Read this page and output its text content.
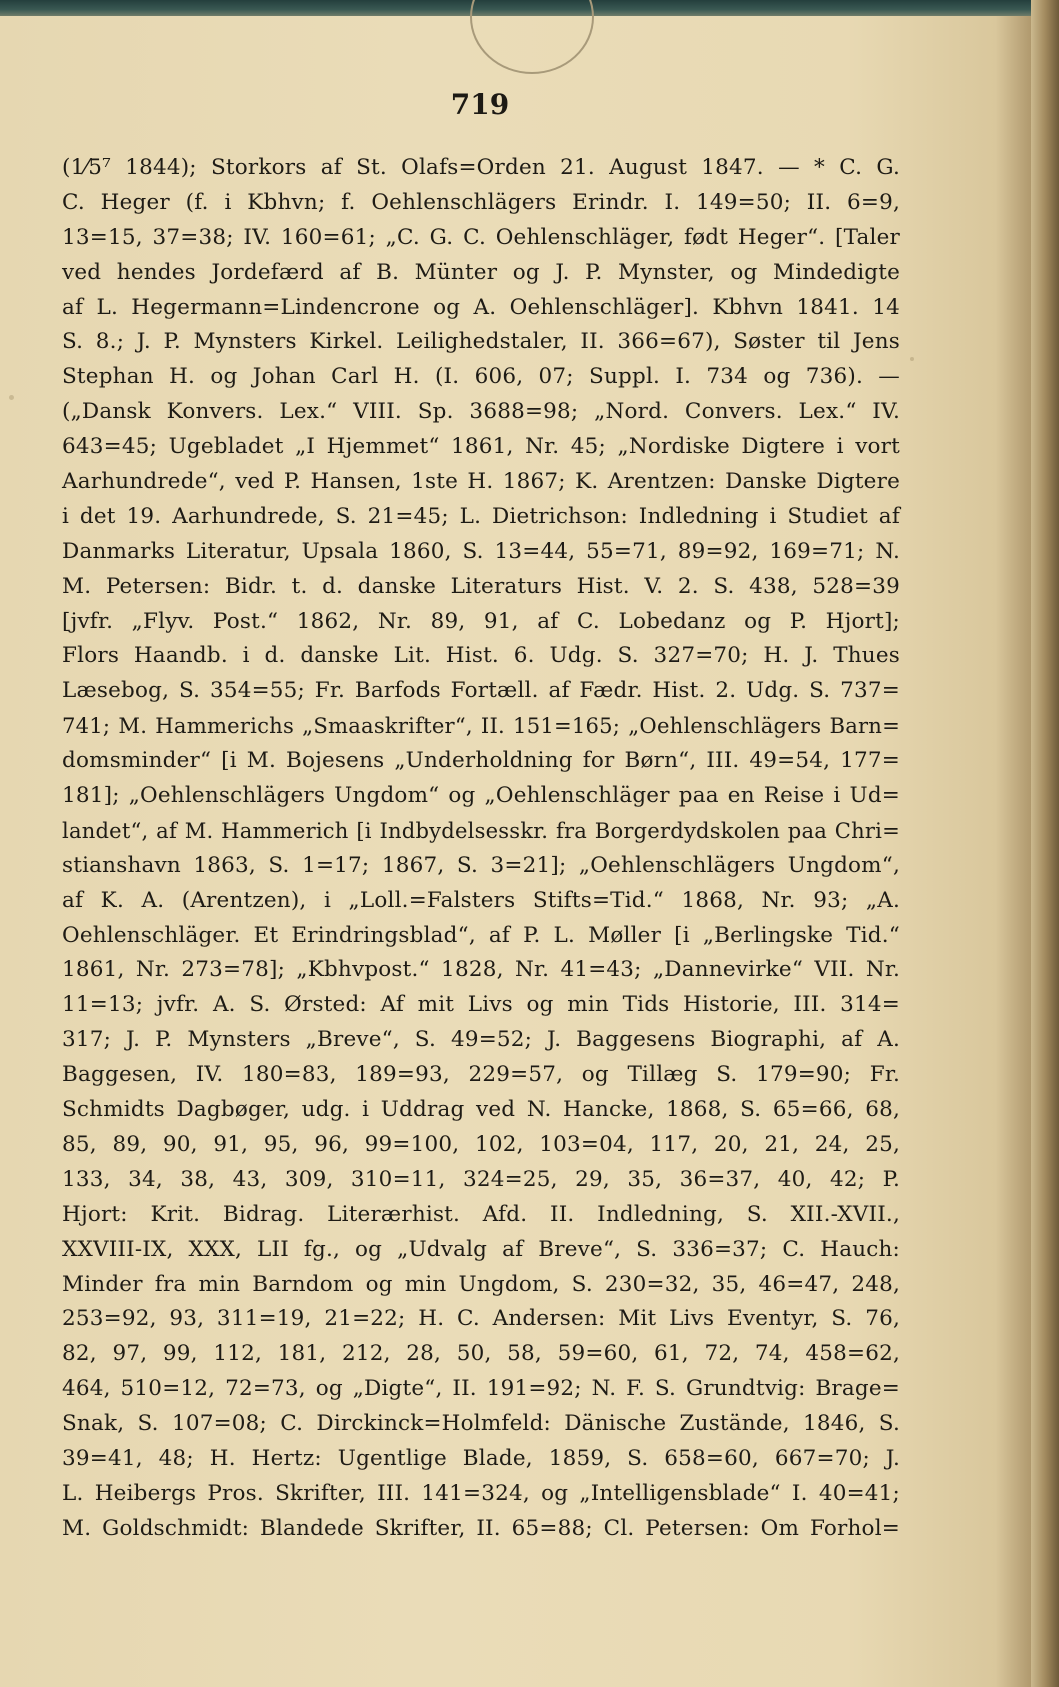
719
(1⁄5⁷ 1844); Storkors af St. Olafs=Orden 21. August 1847. — * C. G.
C. Heger (f. i Kbhvn; f. Oehlenschlägers Erindr. I. 149=50; II. 6=9,
13=15, 37=38; IV. 160=61; „C. G. C. Oehlenschläger, født Heger“. [Taler
ved hendes Jordefærd af B. Münter og J. P. Mynster, og Mindedigte
af L. Hegermann=Lindencrone og A. Oehlenschläger]. Kbhvn 1841. 14
S. 8.; J. P. Mynsters Kirkel. Leilighedstaler, II. 366=67), Søster til Jens
Stephan H. og Johan Carl H. (I. 606, 07; Suppl. I. 734 og 736). —
(„Dansk Konvers. Lex.“ VIII. Sp. 3688=98; „Nord. Convers. Lex.“ IV.
643=45; Ugebladet „I Hjemmet“ 1861, Nr. 45; „Nordiske Digtere i vort
Aarhundrede“, ved P. Hansen, 1ste H. 1867; K. Arentzen: Danske Digtere
i det 19. Aarhundrede, S. 21=45; L. Dietrichson: Indledning i Studiet af
Danmarks Literatur, Upsala 1860, S. 13=44, 55=71, 89=92, 169=71; N.
M. Petersen: Bidr. t. d. danske Literaturs Hist. V. 2. S. 438, 528=39
[jvfr. „Flyv. Post.“ 1862, Nr. 89, 91, af C. Lobedanz og P. Hjort];
Flors Haandb. i d. danske Lit. Hist. 6. Udg. S. 327=70; H. J. Thues
Læsebog, S. 354=55; Fr. Barfods Fortæll. af Fædr. Hist. 2. Udg. S. 737=
741; M. Hammerichs „Smaaskrifter“, II. 151=165; „Oehlenschlägers Barn=
domsminder“ [i M. Bojesens „Underholdning for Børn“, III. 49=54, 177=
181]; „Oehlenschlägers Ungdom“ og „Oehlenschläger paa en Reise i Ud=
landet“, af M. Hammerich [i Indbydelsesskr. fra Borgerdydskolen paa Chri=
stianshavn 1863, S. 1=17; 1867, S. 3=21]; „Oehlenschlägers Ungdom“,
af K. A. (Arentzen), i „Loll.=Falsters Stifts=Tid.“ 1868, Nr. 93; „A.
Oehlenschläger. Et Erindringsblad“, af P. L. Møller [i „Berlingske Tid.“
1861, Nr. 273=78]; „Kbhvpost.“ 1828, Nr. 41=43; „Dannevirke“ VII. Nr.
11=13; jvfr. A. S. Ørsted: Af mit Livs og min Tids Historie, III. 314=
317; J. P. Mynsters „Breve“, S. 49=52; J. Baggesens Biographi, af A.
Baggesen, IV. 180=83, 189=93, 229=57, og Tillæg S. 179=90; Fr.
Schmidts Dagbøger, udg. i Uddrag ved N. Hancke, 1868, S. 65=66, 68,
85, 89, 90, 91, 95, 96, 99=100, 102, 103=04, 117, 20, 21, 24, 25,
133, 34, 38, 43, 309, 310=11, 324=25, 29, 35, 36=37, 40, 42; P.
Hjort: Krit. Bidrag. Literærhist. Afd. II. Indledning, S. XII.-XVII.,
XXVIII-IX, XXX, LII fg., og „Udvalg af Breve“, S. 336=37; C. Hauch:
Minder fra min Barndom og min Ungdom, S. 230=32, 35, 46=47, 248,
253=92, 93, 311=19, 21=22; H. C. Andersen: Mit Livs Eventyr, S. 76,
82, 97, 99, 112, 181, 212, 28, 50, 58, 59=60, 61, 72, 74, 458=62,
464, 510=12, 72=73, og „Digte“, II. 191=92; N. F. S. Grundtvig: Brage=
Snak, S. 107=08; C. Dirckinck=Holmfeld: Dänische Zustände, 1846, S.
39=41, 48; H. Hertz: Ugentlige Blade, 1859, S. 658=60, 667=70; J.
L. Heibergs Pros. Skrifter, III. 141=324, og „Intelligensblade“ I. 40=41;
M. Goldschmidt: Blandede Skrifter, II. 65=88; Cl. Petersen: Om Forhol=
